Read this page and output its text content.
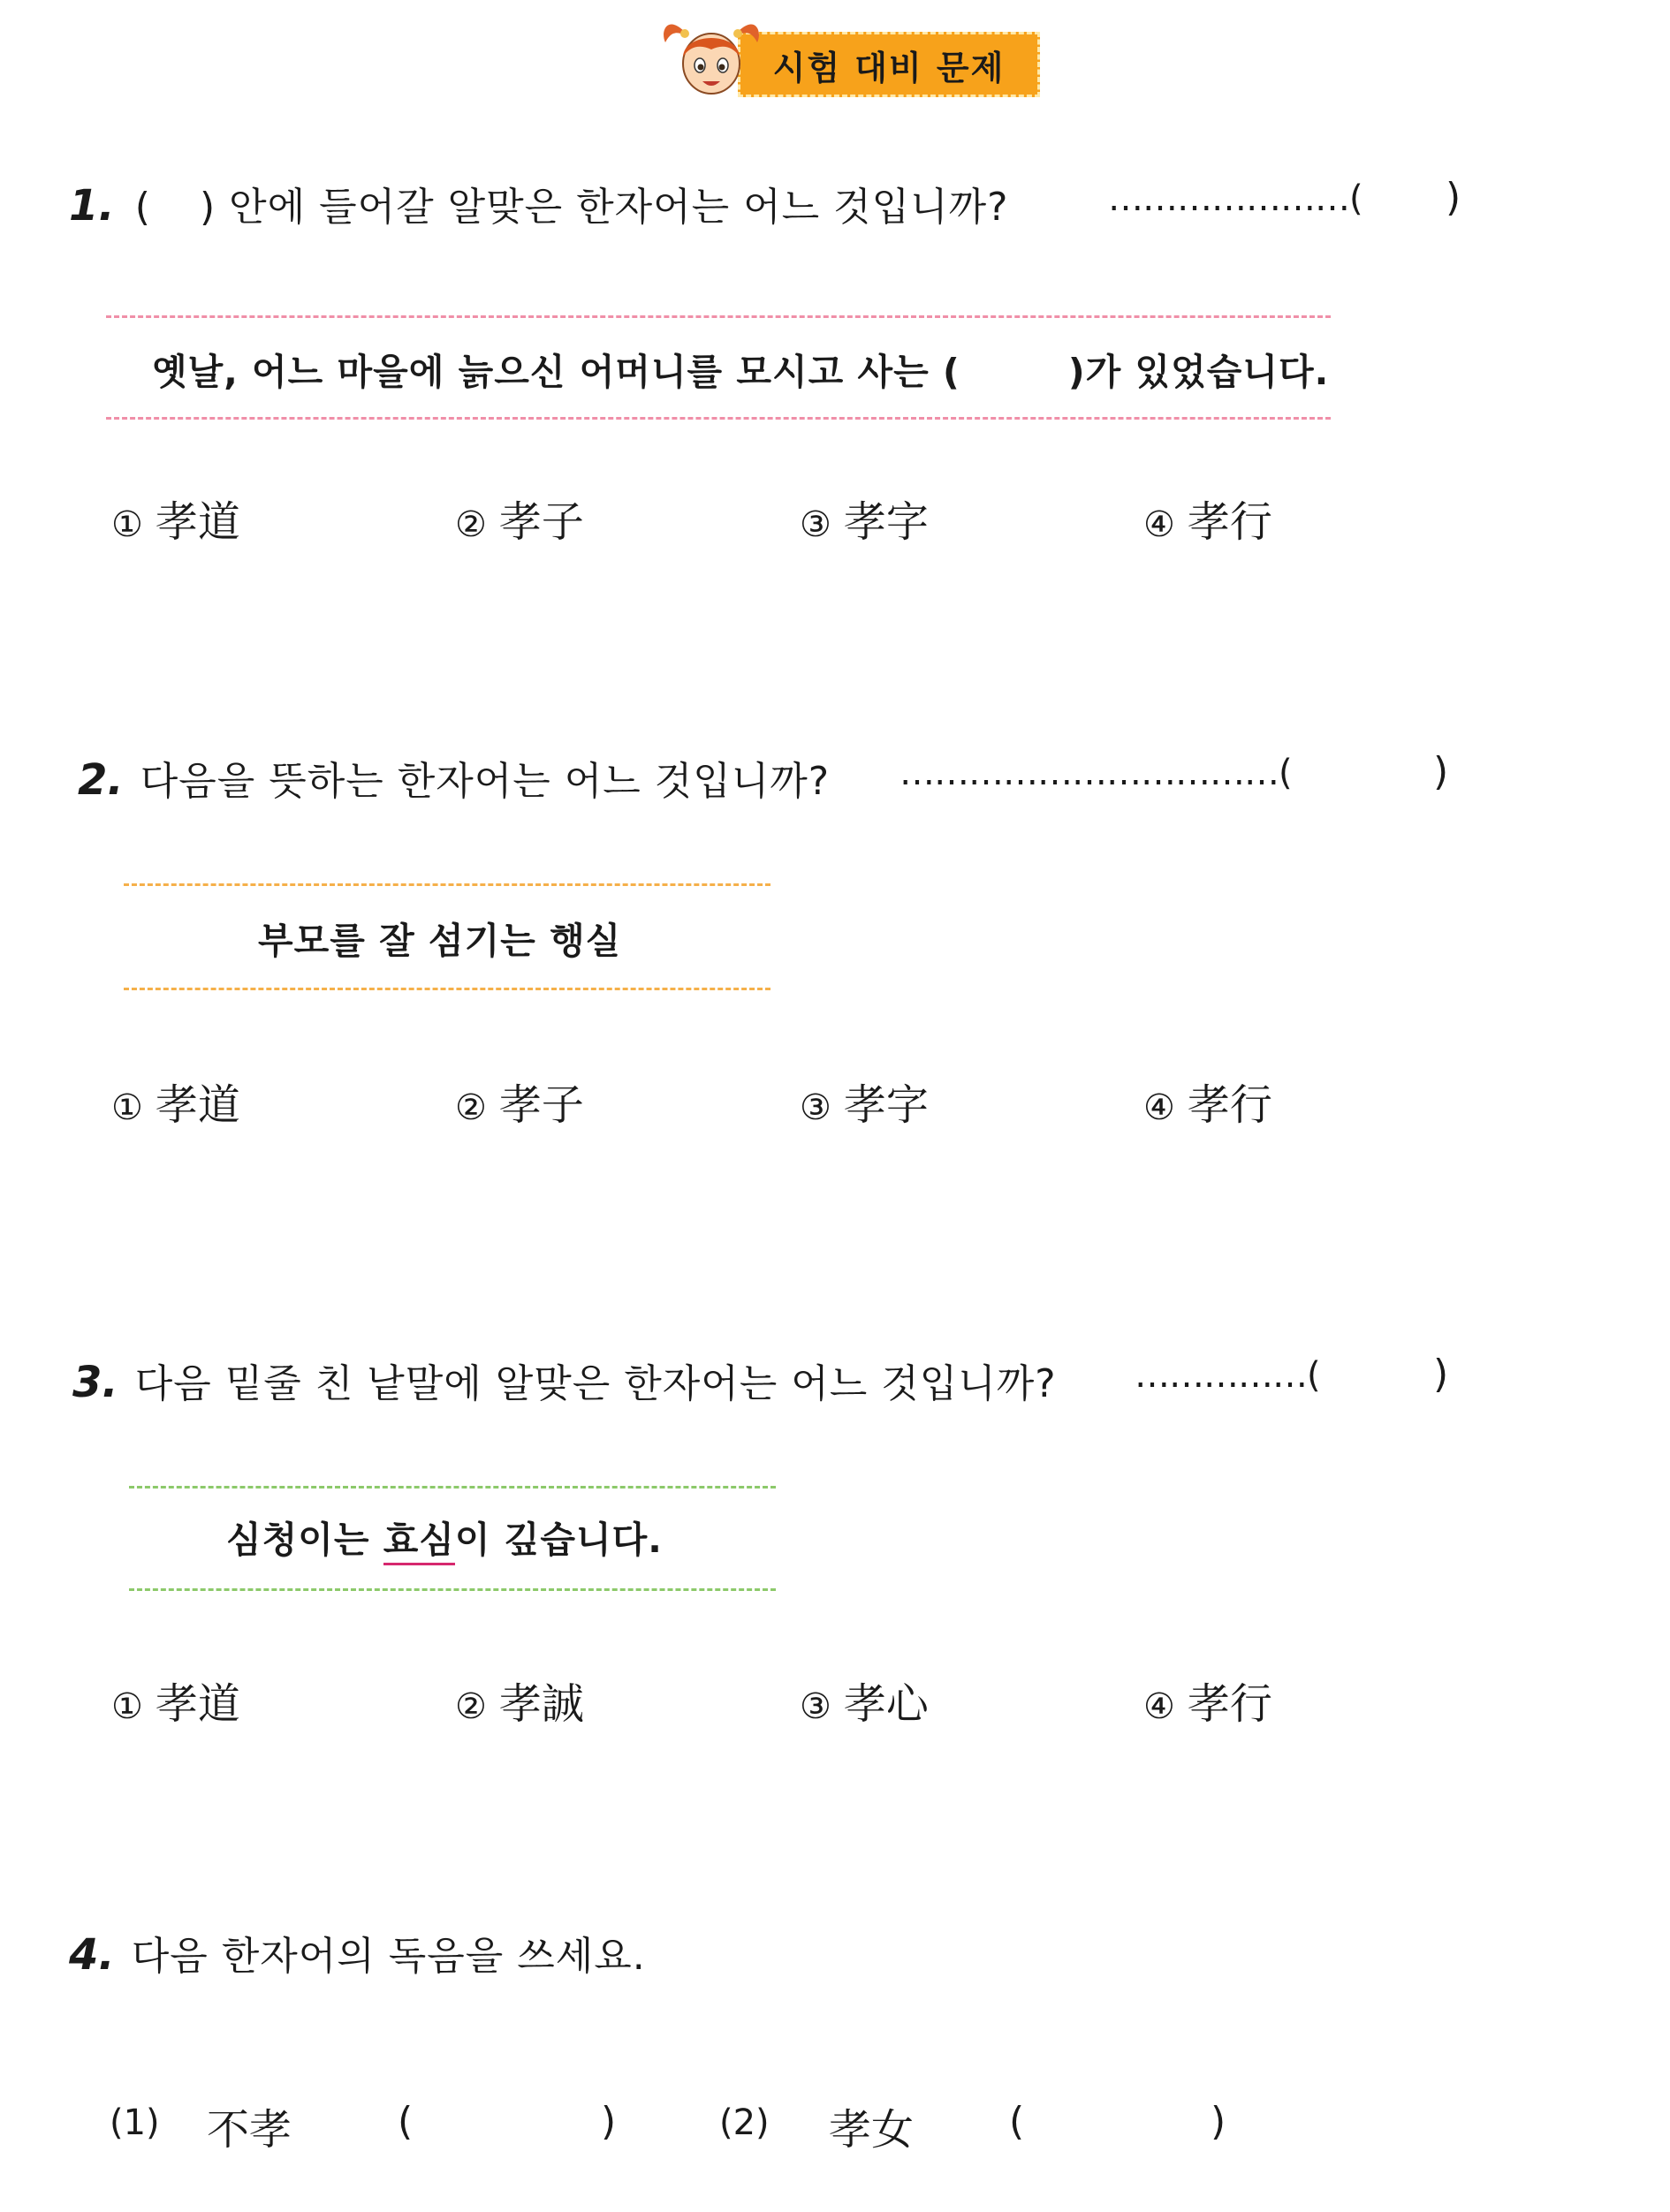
시험 대비 문제
1. ( ) 안에 들어갈 알맞은 한자어는 어느 것입니까?	…………………( )
옛날, 어느 마을에 늙으신 어머니를 모시고 사는 (        )가 있었습니다.
① 孝道	② 孝子	③ 孝字	④ 孝行
2. 다음을 뜻하는 한자어는 어느 것입니까? ……………………………(	)
부모를 잘 섬기는 행실
① 孝道	② 孝子	③ 孝字	④ 孝行
3. 다음 밑줄 친 낱말에 알맞은 한자어는 어느 것입니까? ……………(	)
심청이는 효심이 깊습니다.
① 孝道	② 孝誠	③ 孝心	④ 孝行
4. 다음 한자어의 독음을 쓰세요.
(1) 不孝	(	)	(2) 孝女 (	)
